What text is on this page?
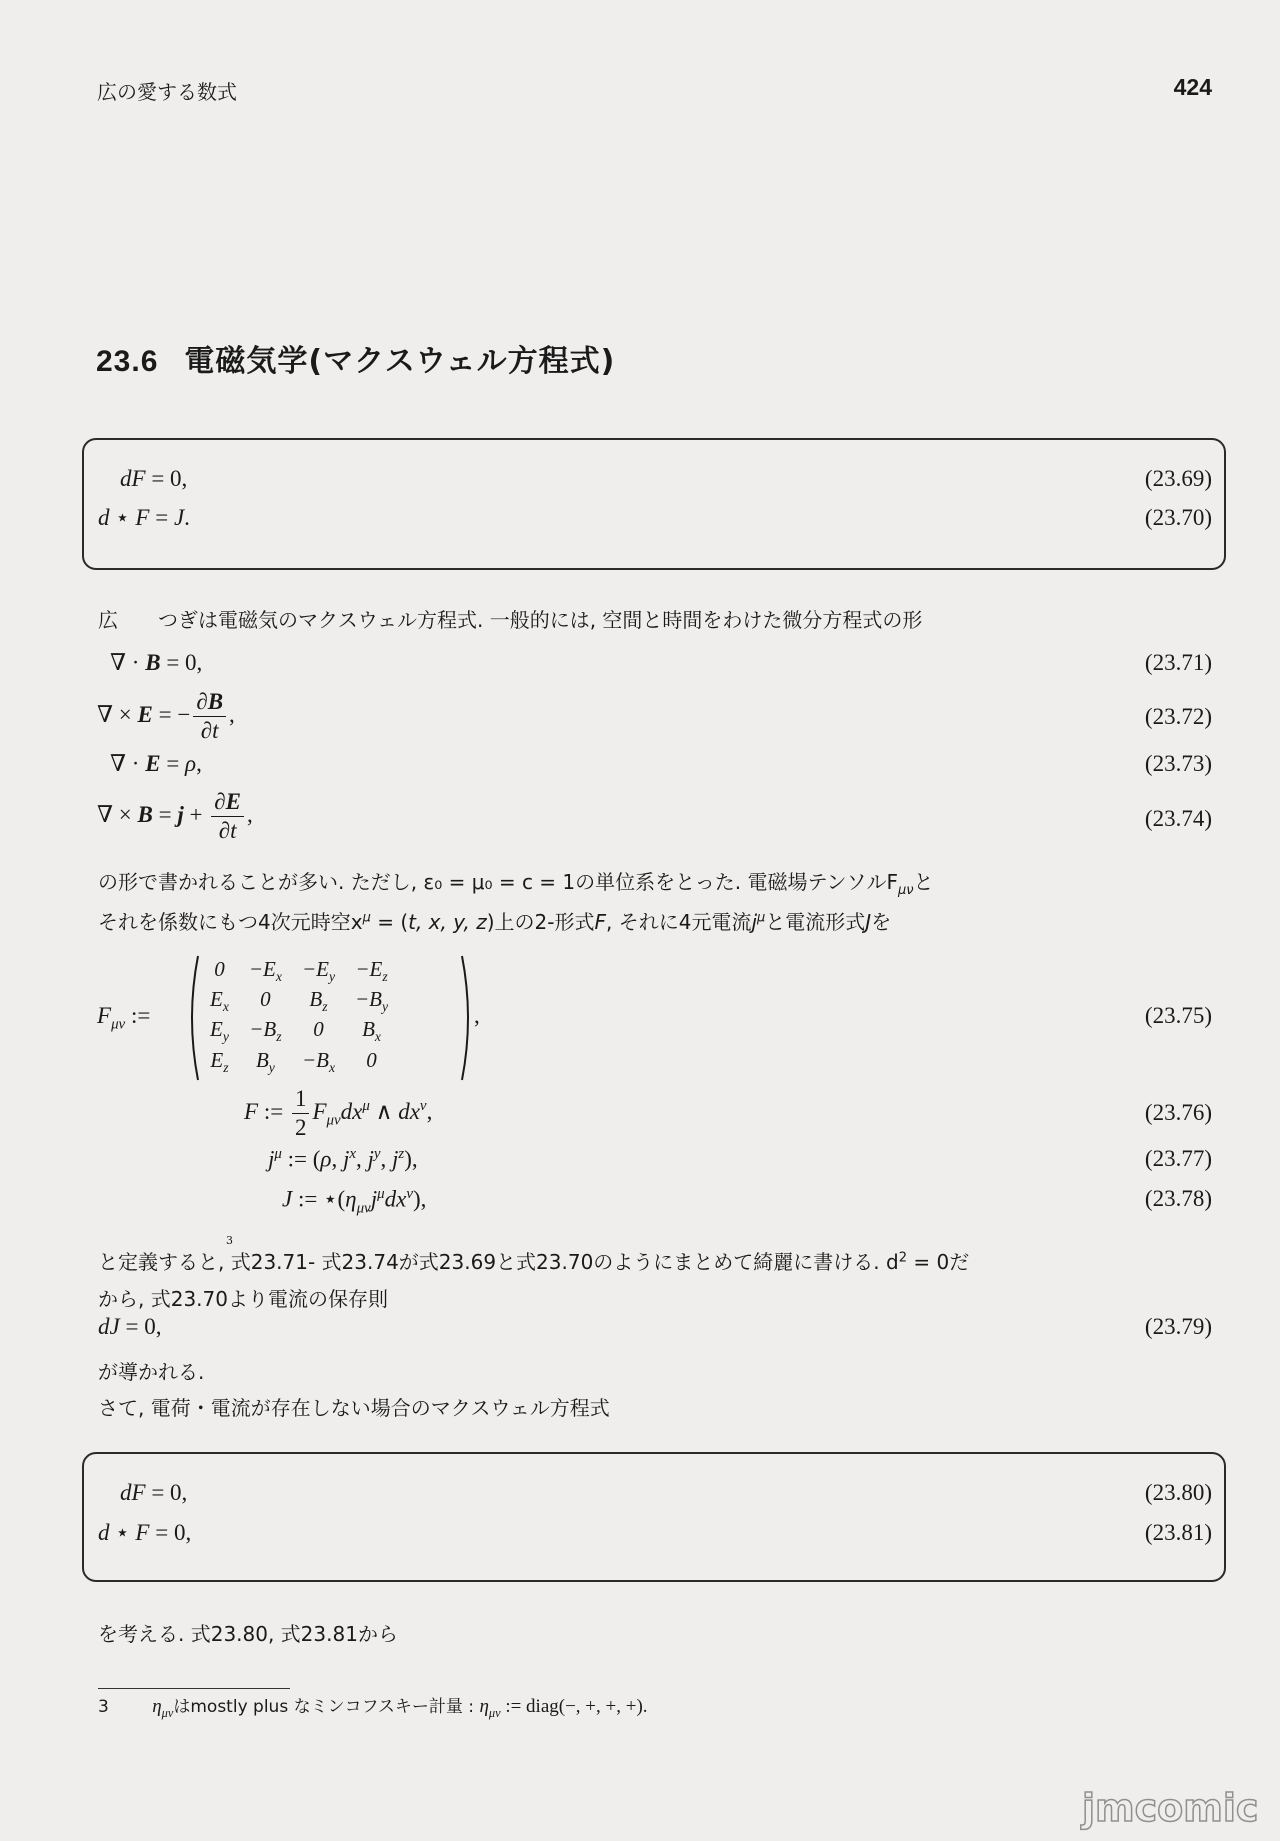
広の愛する数式	424
23.6 電磁気学(マクスウェル方程式)
dF = 0,	(23.69)
d ⋆ F = J.	(23.70)
広　　つぎは電磁気のマクスウェル方程式. 一般的には, 空間と時間をわけた微分方程式の形
∇ · B = 0,	(23.71)
∇ × E = − $\frac{\partial B}{\partial t}$ ,	(23.72)
∇ · E = ρ,	(23.73)
∇ × $B = j + \frac{\partial E}{\partial t}$ ,	(23.74)
の形で書かれることが多い. ただし, ε₀ = μ₀ = c = 1の単位系をとった. 電磁場テンソル$F_{\mu\nu}$と
それを係数にもつ4次元時空$x^\mu = (t$, x, y, z)上の2-形式F, それに4元電流$j^\mu$と電流形式Jを
$F_{\mu\nu}$ :=
0	$-E_x$	$-E_y$	$-E_z$
$E_x$	0	$B_z$	$-B_y$
$E_y$	$-B_z$	0	$B_x$
$E_z$	$B_y$	$-B_x$	0
,	(23.75)
F := $\frac{1}{2} F_{\mu\nu}dx^\mu$ ∧ $dx^\nu$,	(23.76)
$j^\mu$ := (ρ, $j^x$, $j^y$, $j^z$),	(23.77)
J := $⋆(\eta_{\mu\nu}j^\mu dx^\nu)$,	(23.78)
と定義すると, 式23.71- 式23.74が式23.69と式23.70のようにまとめて綺麗に書ける. $d^2 = 0$だ
3
から, 式23.70より電流の保存則
dJ = 0,	(23.79)
が導かれる.
さて, 電荷・電流が存在しない場合のマクスウェル方程式
dF = 0,	(23.80)
d ⋆ F = 0,	(23.81)
を考える. 式23.80, 式23.81から
3 $\eta_{\mu\nu}$はmostly plus なミンコフスキー計量 : $\eta_{\mu\nu}$ := diag(−, +, +, +).
jmcomic
